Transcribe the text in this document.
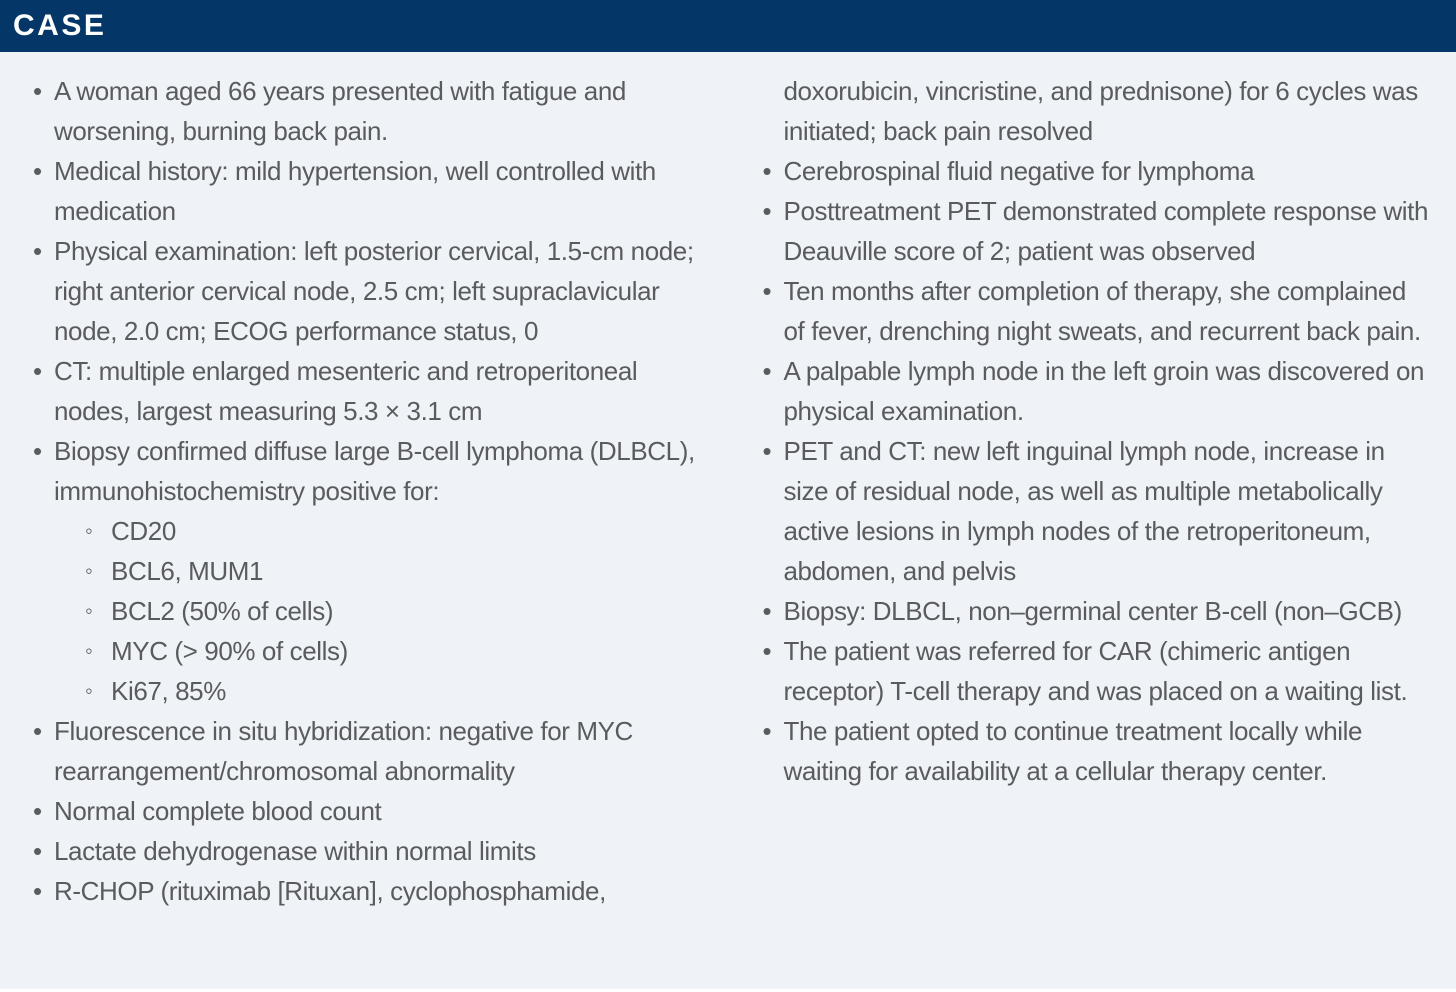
CASE
• A woman aged 66 years presented with fatigue and worsening, burning back pain.
• Medical history: mild hypertension, well controlled with medication
• Physical examination: left posterior cervical, 1.5-cm node; right anterior cervical node, 2.5 cm; left supraclavicular node, 2.0 cm; ECOG performance status, 0
• CT: multiple enlarged mesenteric and retroperitoneal nodes, largest measuring 5.3 × 3.1 cm
• Biopsy confirmed diffuse large B-cell lymphoma (DLBCL), immunohistochemistry positive for:
◦ CD20
◦ BCL6, MUM1
◦ BCL2 (50% of cells)
◦ MYC (> 90% of cells)
◦ Ki67, 85%
• Fluorescence in situ hybridization: negative for MYC rearrangement/chromosomal abnormality
• Normal complete blood count
• Lactate dehydrogenase within normal limits
• R-CHOP (rituximab [Rituxan], cyclophosphamide,
doxorubicin, vincristine, and prednisone) for 6 cycles was initiated; back pain resolved
• Cerebrospinal fluid negative for lymphoma
• Posttreatment PET demonstrated complete response with Deauville score of 2; patient was observed
• Ten months after completion of therapy, she complained of fever, drenching night sweats, and recurrent back pain.
• A palpable lymph node in the left groin was discovered on physical examination.
• PET and CT: new left inguinal lymph node, increase in size of residual node, as well as multiple metabolically active lesions in lymph nodes of the retroperitoneum, abdomen, and pelvis
• Biopsy: DLBCL, non–germinal center B-cell (non–GCB)
• The patient was referred for CAR (chimeric antigen receptor) T-cell therapy and was placed on a waiting list.
• The patient opted to continue treatment locally while waiting for availability at a cellular therapy center.
